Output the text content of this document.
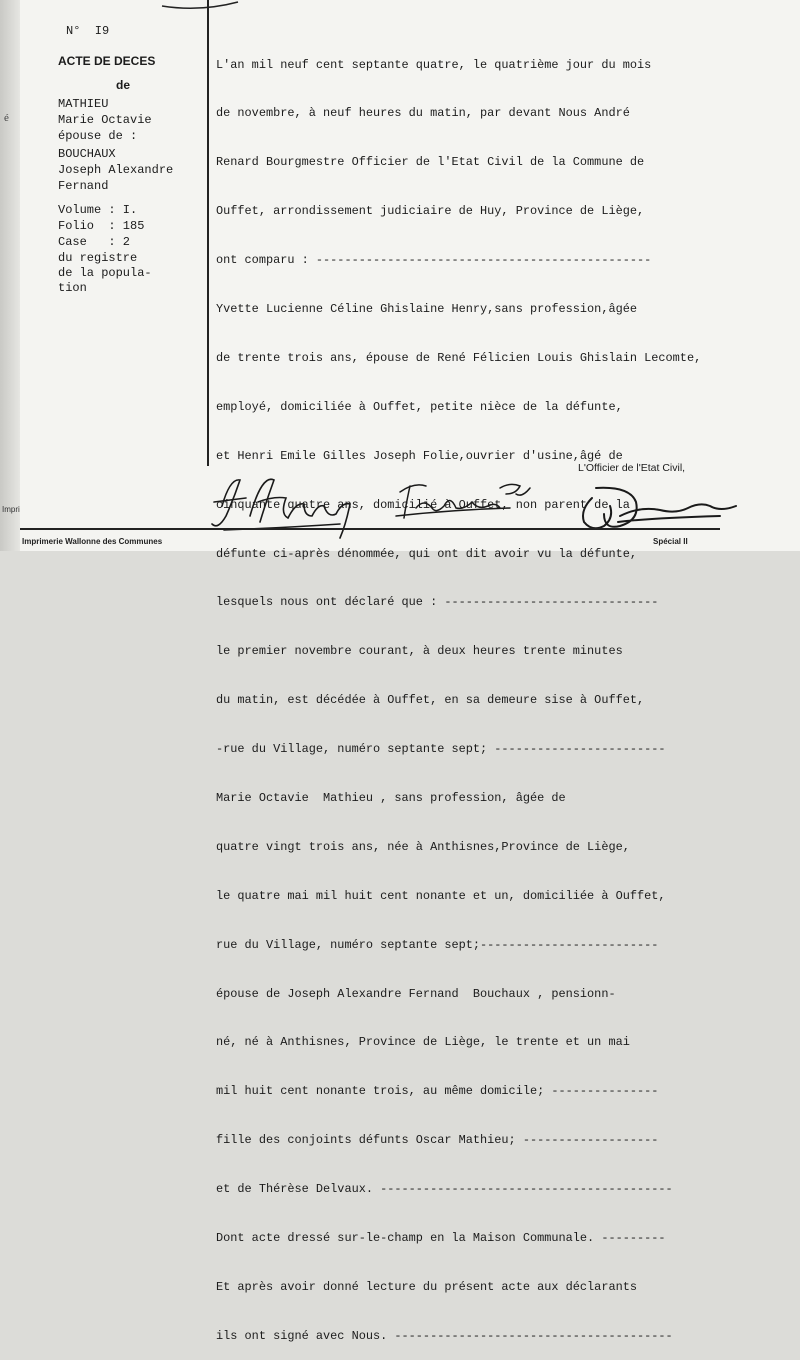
é
Impri
N°  I9
ACTE DE DECES
de
MATHIEU
Marie Octavie
épouse de :
BOUCHAUX
Joseph Alexandre
Fernand
Volume : I.
Folio  : 185
Case   : 2
du registre
de la popula-
tion

L'an mil neuf cent septante quatre, le quatrième jour du mois

de novembre, à neuf heures du matin, par devant Nous André

Renard Bourgmestre Officier de l'Etat Civil de la Commune de

Ouffet, arrondissement judiciaire de Huy, Province de Liège,

ont comparu : -----------------------------------------------

Yvette Lucienne Céline Ghislaine Henry,sans profession,âgée

de trente trois ans, épouse de René Félicien Louis Ghislain Lecomte,

employé, domiciliée à Ouffet, petite nièce de la défunte,

et Henri Emile Gilles Joseph Folie,ouvrier d'usine,âgé de

cinquante quatre ans, domicilié à Ouffet, non parent de la

défunte ci-après dénommée, qui ont dit avoir vu la défunte,

lesquels nous ont déclaré que : ------------------------------

le premier novembre courant, à deux heures trente minutes

du matin, est décédée à Ouffet, en sa demeure sise à Ouffet,

-rue du Village, numéro septante sept; ------------------------

Marie Octavie  Mathieu , sans profession, âgée de

quatre vingt trois ans, née à Anthisnes,Province de Liège,

le quatre mai mil huit cent nonante et un, domiciliée à Ouffet,

rue du Village, numéro septante sept;-------------------------

épouse de Joseph Alexandre Fernand  Bouchaux , pensionn-

né, né à Anthisnes, Province de Liège, le trente et un mai

mil huit cent nonante trois, au même domicile; ---------------

fille des conjoints défunts Oscar Mathieu; -------------------

et de Thérèse Delvaux. -----------------------------------------

Dont acte dressé sur-le-champ en la Maison Communale. ---------

Et après avoir donné lecture du présent acte aux déclarants

ils ont signé avec Nous. ---------------------------------------

L'Officier de l'Etat Civil,
Imprimerie Wallonne des Communes	Spécial II
